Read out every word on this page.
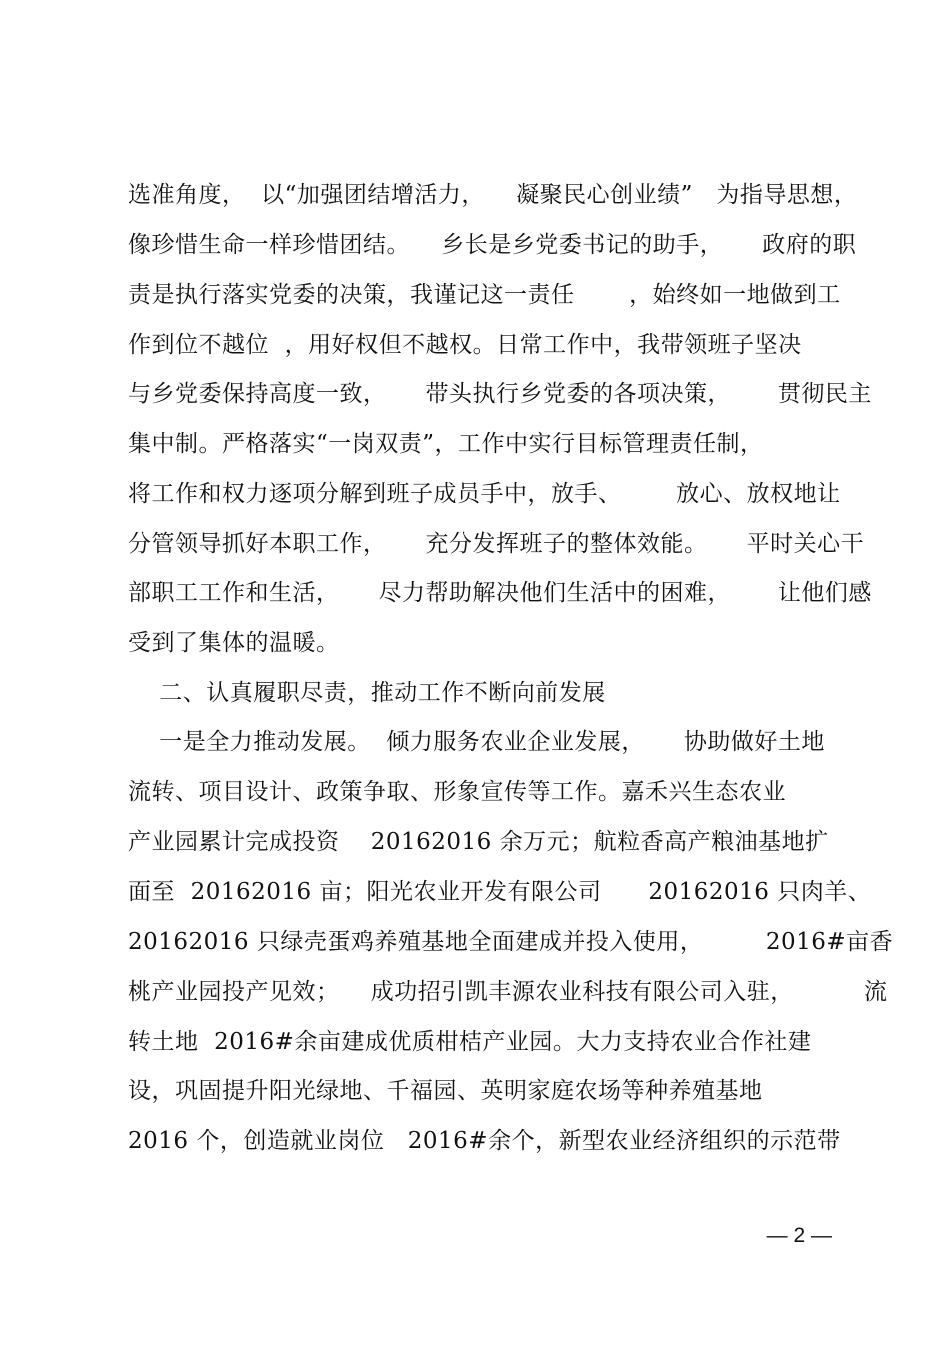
选准角度，  以“加强团结增活力，    凝聚民心创业绩”   为指导思想，
像珍惜生命一样珍惜团结。    乡长是乡党委书记的助手，     政府的职
责是执行落实党委的决策，我谨记这一责任       ，始终如一地做到工
作到位不越位  ，用好权但不越权。日常工作中，我带领班子坚决
与乡党委保持高度一致，     带头执行乡党委的各项决策，      贯彻民主
集中制。严格落实“一岗双责”，工作中实行目标管理责任制，
将工作和权力逐项分解到班子成员手中，放手、       放心、放权地让
分管领导抓好本职工作，     充分发挥班子的整体效能。     平时关心干
部职工工作和生活，     尽力帮助解决他们生活中的困难，      让他们感
受到了集体的温暖。
二、认真履职尽责，推动工作不断向前发展
一是全力推动发展。  倾力服务农业企业发展，     协助做好土地
流转、项目设计、政策争取、形象宣传等工作。嘉禾兴生态农业
产业园累计完成投资    20162016 余万元；航粒香高产粮油基地扩
面至  20162016 亩；阳光农业开发有限公司      20162016 只肉羊、
20162016 只绿壳蛋鸡养殖基地全面建成并投入使用，        2016#亩香
桃产业园投产见效；    成功招引凯丰源农业科技有限公司入驻，         流
转土地  2016#余亩建成优质柑桔产业园。大力支持农业合作社建
设，巩固提升阳光绿地、千福园、英明家庭农场等种养殖基地
2016 个，创造就业岗位   2016#余个，新型农业经济组织的示范带
— 2 —
